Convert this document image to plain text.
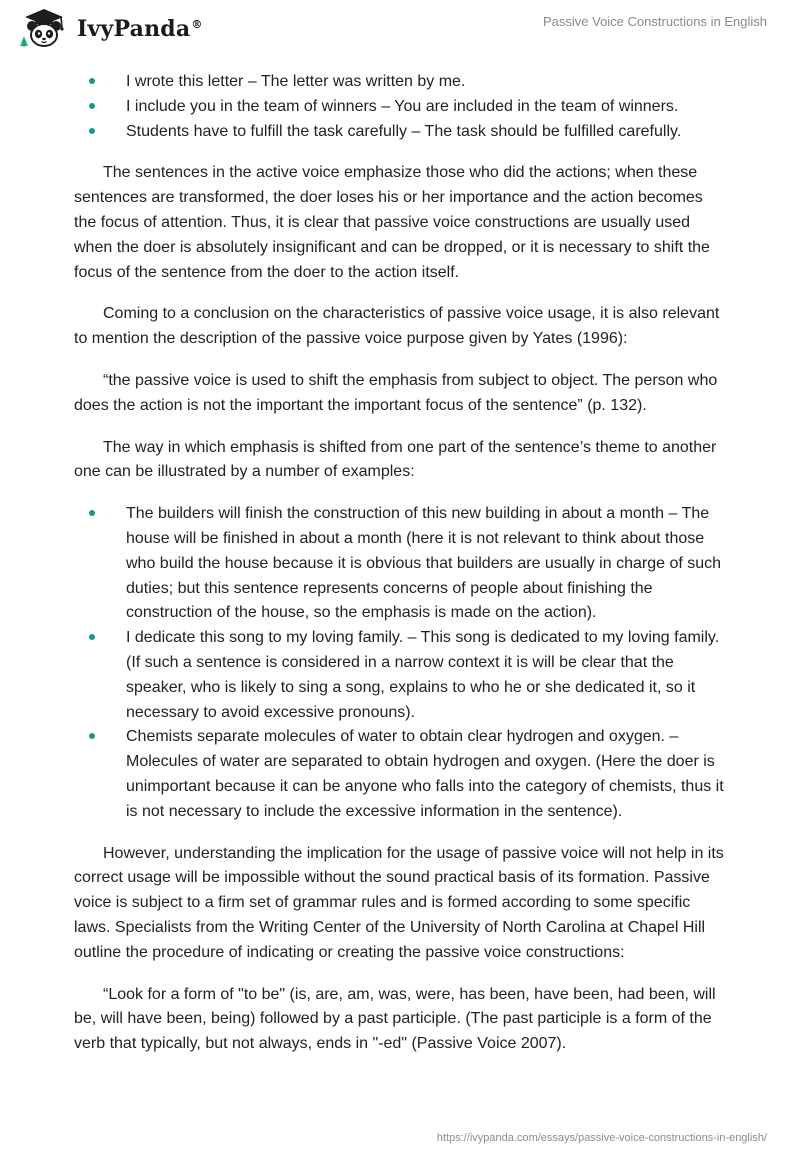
IvyPanda®	Passive Voice Constructions in English
I wrote this letter – The letter was written by me.
I include you in the team of winners – You are included in the team of winners.
Students have to fulfill the task carefully – The task should be fulfilled carefully.

The sentences in the active voice emphasize those who did the actions; when these sentences are transformed, the doer loses his or her importance and the action becomes the focus of attention. Thus, it is clear that passive voice constructions are usually used when the doer is absolutely insignificant and can be dropped, or it is necessary to shift the focus of the sentence from the doer to the action itself.

Coming to a conclusion on the characteristics of passive voice usage, it is also relevant to mention the description of the passive voice purpose given by Yates (1996):

“the passive voice is used to shift the emphasis from subject to object. The person who does the action is not the important the important focus of the sentence” (p. 132).

The way in which emphasis is shifted from one part of the sentence’s theme to another one can be illustrated by a number of examples:

The builders will finish the construction of this new building in about a month – The house will be finished in about a month (here it is not relevant to think about those who build the house because it is obvious that builders are usually in charge of such duties; but this sentence represents concerns of people about finishing the construction of the house, so the emphasis is made on the action).
I dedicate this song to my loving family. – This song is dedicated to my loving family. (If such a sentence is considered in a narrow context it is will be clear that the speaker, who is likely to sing a song, explains to who he or she dedicated it, so it necessary to avoid excessive pronouns).
Chemists separate molecules of water to obtain clear hydrogen and oxygen. – Molecules of water are separated to obtain hydrogen and oxygen. (Here the doer is unimportant because it can be anyone who falls into the category of chemists, thus it is not necessary to include the excessive information in the sentence).

However, understanding the implication for the usage of passive voice will not help in its correct usage will be impossible without the sound practical basis of its formation. Passive voice is subject to a firm set of grammar rules and is formed according to some specific laws. Specialists from the Writing Center of the University of North Carolina at Chapel Hill outline the procedure of indicating or creating the passive voice constructions:

“Look for a form of "to be" (is, are, am, was, were, has been, have been, had been, will be, will have been, being) followed by a past participle. (The past participle is a form of the verb that typically, but not always, ends in "-ed" (Passive Voice 2007).

https://ivypanda.com/essays/passive-voice-constructions-in-english/
